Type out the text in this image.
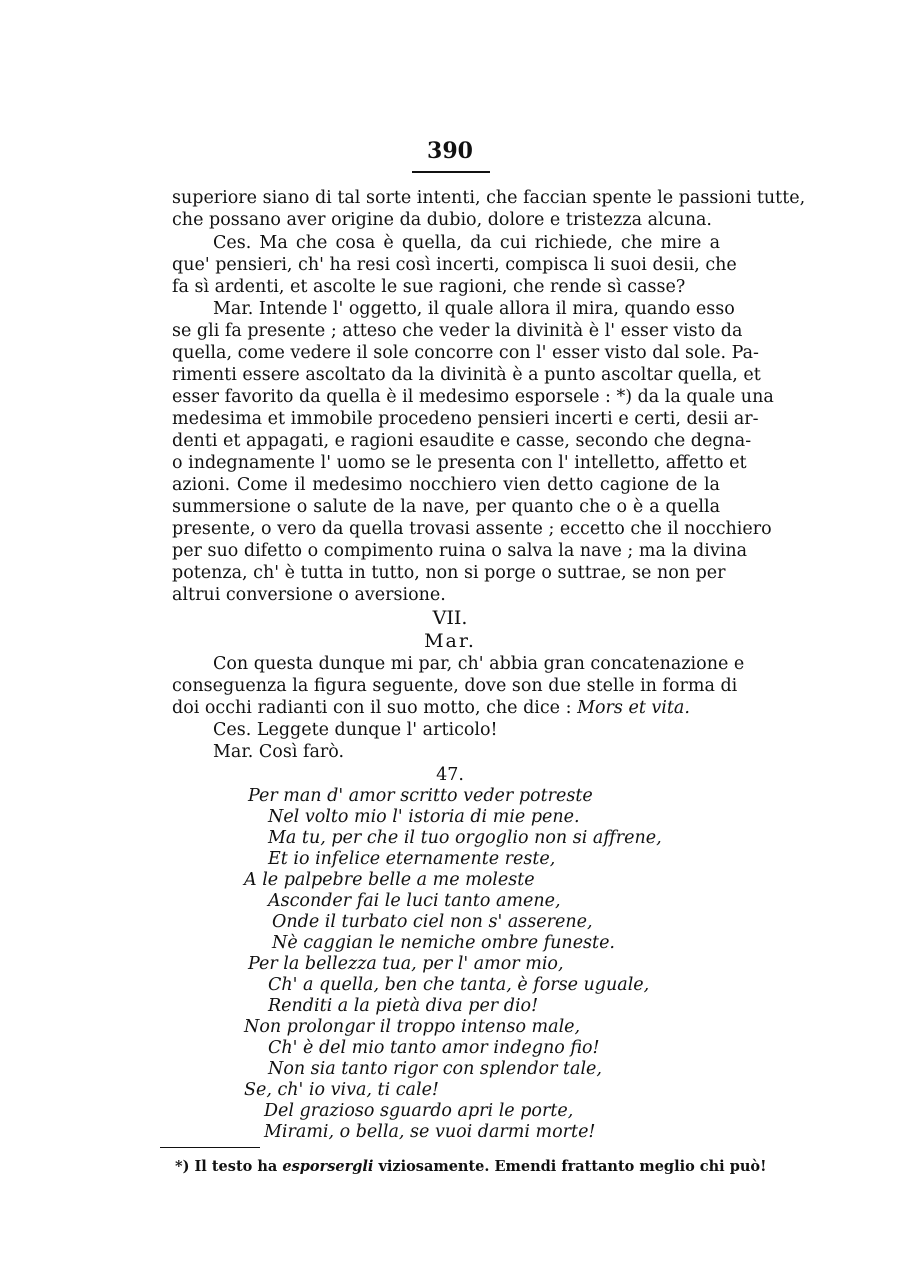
390
superiore siano di tal sorte intenti, che faccian spente le passioni tutte,
che possano aver origine da dubio, dolore e tristezza alcuna.
Ces. Ma che cosa è quella, da cui richiede, che mire a
que' pensieri, ch' ha resi così incerti, compisca li suoi desii, che
fa sì ardenti, et ascolte le sue ragioni, che rende sì casse?
Mar. Intende l' oggetto, il quale allora il mira, quando esso
se gli fa presente ; atteso che veder la divinità è l' esser visto da
quella, come vedere il sole concorre con l' esser visto dal sole. Pa-
rimenti essere ascoltato da la divinità è a punto ascoltar quella, et
esser favorito da quella è il medesimo esporsele : *) da la quale una
medesima et immobile procedeno pensieri incerti e certi, desii ar-
denti et appagati, e ragioni esaudite e casse, secondo che degna-
o indegnamente l' uomo se le presenta con l' intelletto, affetto et
azioni. Come il medesimo nocchiero vien detto cagione de la
summersione o salute de la nave, per quanto che o è a quella
presente, o vero da quella trovasi assente ; eccetto che il nocchiero
per suo difetto o compimento ruina o salva la nave ; ma la divina
potenza, ch' è tutta in tutto, non si porge o suttrae, se non per
altrui conversione o aversione.
VII.
Mar.
Con questa dunque mi par, ch' abbia gran concatenazione e
conseguenza la figura seguente, dove son due stelle in forma di
doi occhi radianti con il suo motto, che dice : Mors et vita.
Ces. Leggete dunque l' articolo!
Mar. Così farò.
47.
Per man d' amor scritto veder potreste
Nel volto mio l' istoria di mie pene.
Ma tu, per che il tuo orgoglio non si affrene,
Et io infelice eternamente reste,
A le palpebre belle a me moleste
Asconder fai le luci tanto amene,
Onde il turbato ciel non s' asserene,
Nè caggian le nemiche ombre funeste.
Per la bellezza tua, per l' amor mio,
Ch' a quella, ben che tanta, è forse uguale,
Renditi a la pietà diva per dio!
Non prolongar il troppo intenso male,
Ch' è del mio tanto amor indegno fio!
Non sia tanto rigor con splendor tale,
Se, ch' io viva, ti cale!
Del grazioso sguardo apri le porte,
Mirami, o bella, se vuoi darmi morte!
*) Il testo ha esporsergli viziosamente. Emendi frattanto meglio chi può!
